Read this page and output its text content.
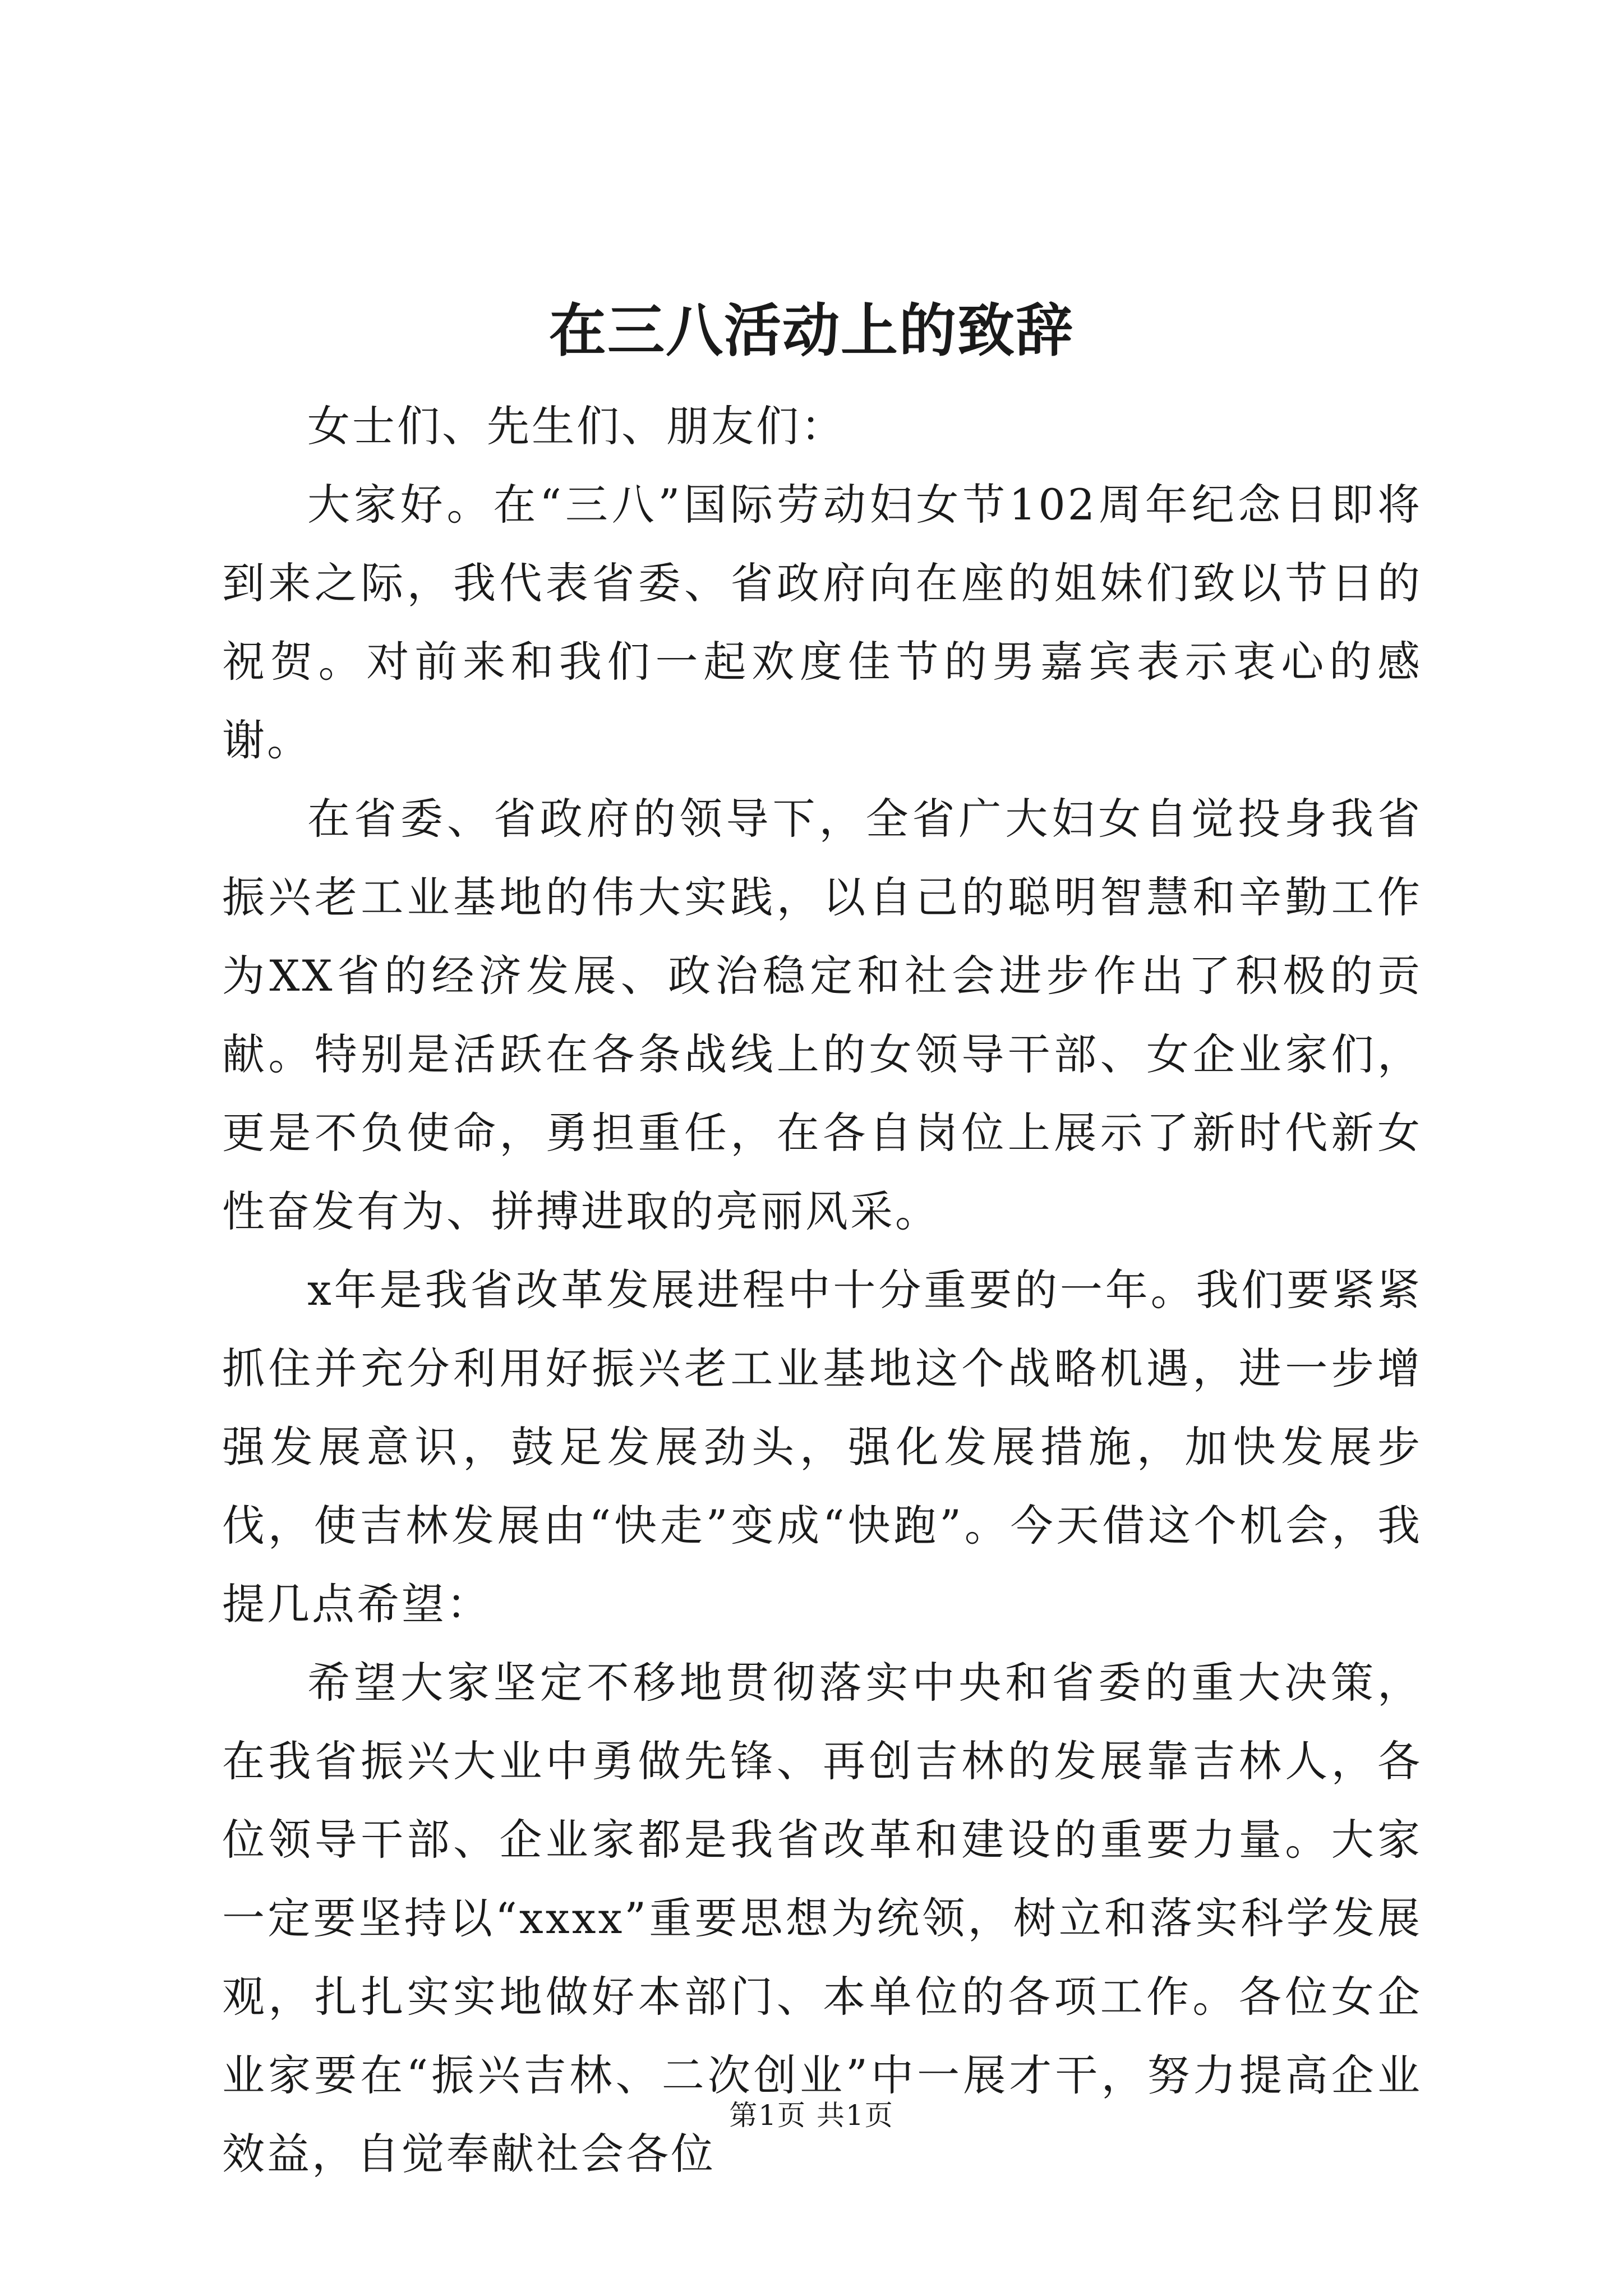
在三八活动上的致辞

女士们、先生们、朋友们：

大家好。在“三八”国际劳动妇女节102周年纪念日即将到来之际，我代表省委、省政府向在座的姐妹们致以节日的祝贺。对前来和我们一起欢度佳节的男嘉宾表示衷心的感谢。

在省委、省政府的领导下，全省广大妇女自觉投身我省振兴老工业基地的伟大实践，以自己的聪明智慧和辛勤工作为XX省的经济发展、政治稳定和社会进步作出了积极的贡献。特别是活跃在各条战线上的女领导干部、女企业家们，更是不负使命，勇担重任，在各自岗位上展示了新时代新女性奋发有为、拼搏进取的亮丽风采。

x年是我省改革发展进程中十分重要的一年。我们要紧紧抓住并充分利用好振兴老工业基地这个战略机遇，进一步增强发展意识，鼓足发展劲头，强化发展措施，加快发展步伐，使吉林发展由“快走”变成“快跑”。今天借这个机会，我提几点希望：

希望大家坚定不移地贯彻落实中央和省委的重大决策，在我省振兴大业中勇做先锋、再创吉林的发展靠吉林人，各位领导干部、企业家都是我省改革和建设的重要力量。大家一定要坚持以“xxxx”重要思想为统领，树立和落实科学发展观，扎扎实实地做好本部门、本单位的各项工作。各位女企业家要在“振兴吉林、二次创业”中一展才干，努力提高企业效益，自觉奉献社会各位

第1页 共1页
